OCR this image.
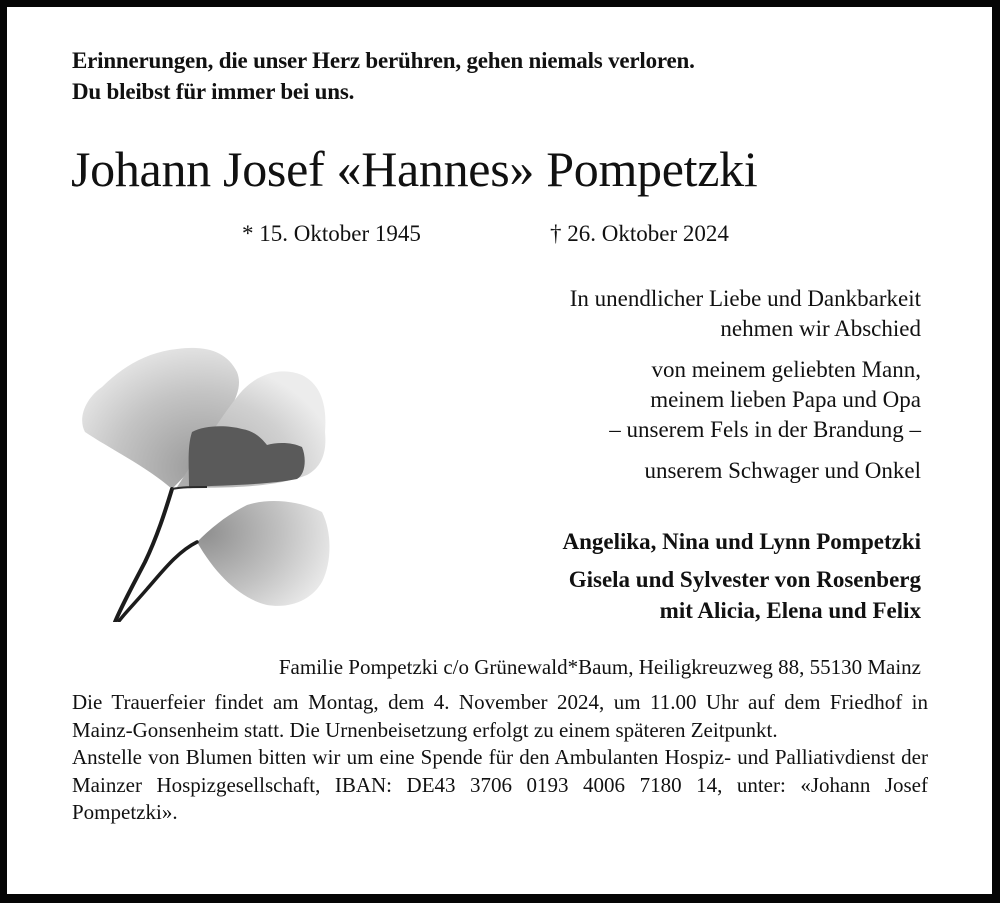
Erinnerungen, die unser Herz berühren, gehen niemals verloren.
Du bleibst für immer bei uns.
Johann Josef «Hannes» Pompetzki
* 15. Oktober 1945	† 26. Oktober 2024
In unendlicher Liebe und Dankbarkeit
nehmen wir Abschied
von meinem geliebten Mann,
meinem lieben Papa und Opa
– unserem Fels in der Brandung –
unserem Schwager und Onkel
Angelika, Nina und Lynn Pompetzki
Gisela und Sylvester von Rosenberg
mit Alicia, Elena und Felix
Familie Pompetzki c/o Grünewald*Baum, Heiligkreuzweg 88, 55130 Mainz

Die Trauerfeier findet am Montag, dem 4. November 2024, um 11.00 Uhr auf dem Friedhof in Mainz-Gonsenheim statt. Die Urnenbeisetzung erfolgt zu einem späteren Zeitpunkt.

Anstelle von Blumen bitten wir um eine Spende für den Ambulanten Hospiz- und Palliativdienst der Mainzer Hospizgesellschaft, IBAN: DE43 3706 0193 4006 7180 14, unter: «Johann Josef Pompetzki».
